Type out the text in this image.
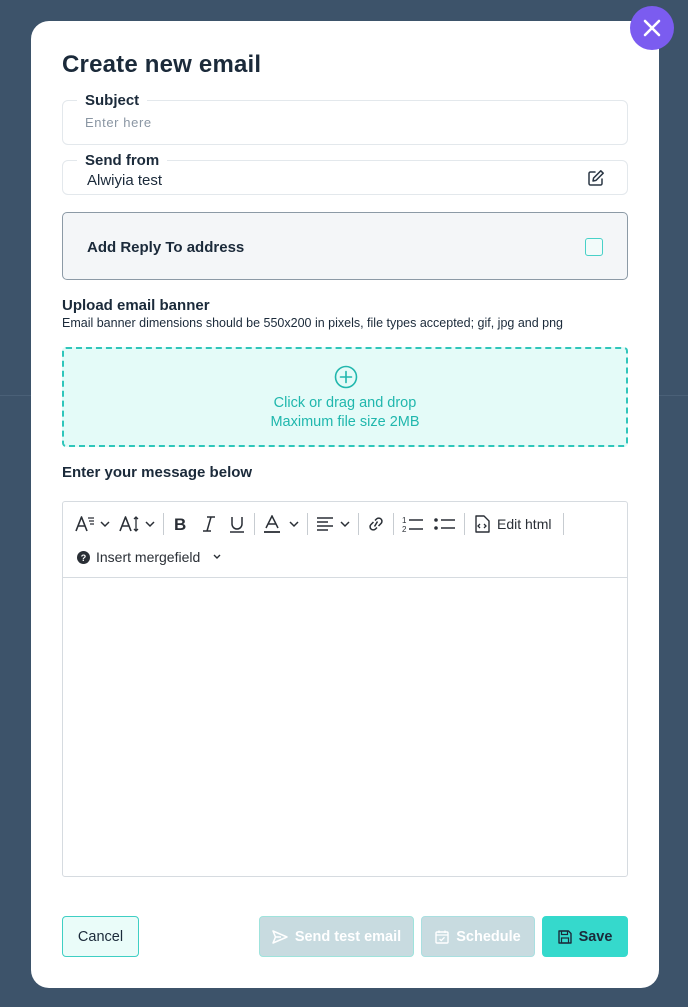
Create new email
Subject
Enter here
Send from
Alwiyia test
Add Reply To address
Upload email banner
Email banner dimensions should be 550x200 in pixels, file types accepted; gif, jpg and png
Click or drag and drop
Maximum file size 2MB
Enter your message below
B	1
2	Edit html
? Insert mergefield
Cancel	Send test email	Schedule	Save
